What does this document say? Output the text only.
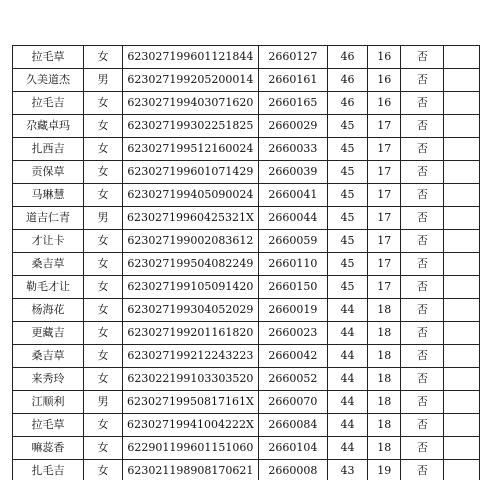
拉毛草	女	623027199601121844	2660127	46	16	否	
久美道杰	男	623027199205200014	2660161	46	16	否	
拉毛吉	女	623027199403071620	2660165	46	16	否	
尕藏卓玛	女	623027199302251825	2660029	45	17	否	
扎西吉	女	623027199512160024	2660033	45	17	否	
贡保草	女	623027199601071429	2660039	45	17	否	
马琳慧	女	623027199405090024	2660041	45	17	否	
道吉仁青	男	62302719960425321X	2660044	45	17	否	
才让卡	女	623027199002083612	2660059	45	17	否	
桑吉草	女	623027199504082249	2660110	45	17	否	
勒毛才让	女	623027199105091420	2660150	45	17	否	
杨海花	女	623027199304052029	2660019	44	18	否	
更藏吉	女	623027199201161820	2660023	44	18	否	
桑吉草	女	623027199212243223	2660042	44	18	否	
来秀玲	女	623022199103303520	2660052	44	18	否	
江顺利	男	62302719950817161X	2660070	44	18	否	
拉毛草	女	62302719941004222X	2660084	44	18	否	
嘛蕊香	女	622901199601151060	2660104	44	18	否	
扎毛吉	女	623021198908170621	2660008	43	19	否	
